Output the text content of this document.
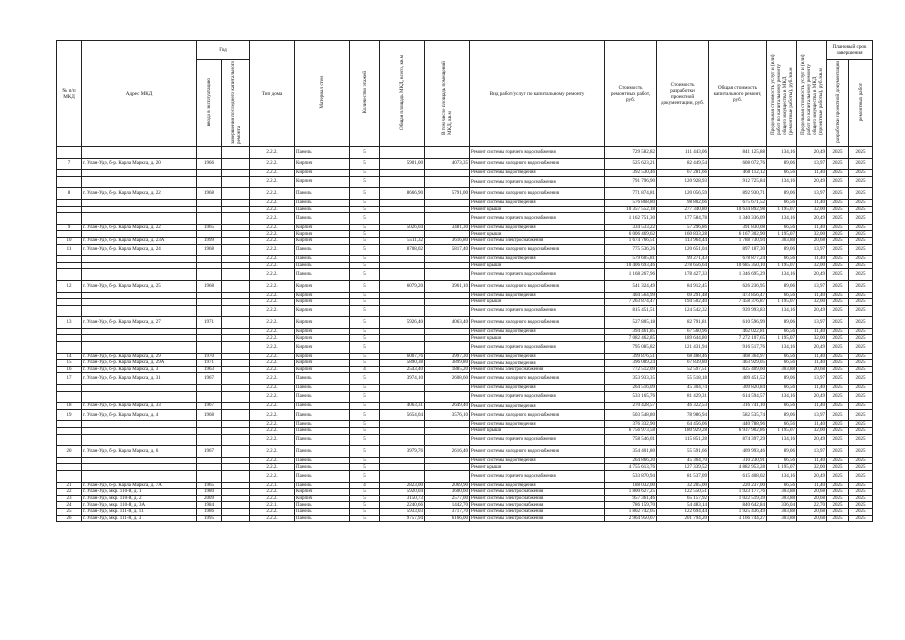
№ п/п МКД	Адрес МКД	Год		Тип дома	Материал стен	Количество этажей	Общая площадь МКД, всего, кв.м	В том числе площадь помещений МКД, кв.м	Вид работ/услуг по капитальному ремонту	Стоимость ремонтных работ, руб.	Стоимость разработки проектной документации, руб.	Общая стоимость капитального ремонт, руб.	Предельная стоимость услуг и (или) работ по капитальному ремонту общего имущества в МКД (ремонтные работы), руб./кв.м	Предельная стоимость услуг и (или) работ по капитальному ремонту общего имущества в МКД (проектные работы), руб./кв.м	Плановый срок завершения	
		ввода в эксплуатацию	завершения последнего капитального ремонта												разработки проектной документации	ремонтных работ
				2.2.2.	Панель	5			Ремонт системы горячего водоснабжения	729 582,82	111 443,06	841 125,88	134,16	20,49	2025	2025
7	г. Улан-Удэ, б-р. Карла Маркса, д. 20	1966		2.2.2.	Кирпич	5	5901,00	4073,35	Ремонт системы холодного водоснабжения	525 623,21	82 449,54	608 072,76	89,06	13,97	2025	2025
				2.2.2.	Кирпич	5			Ремонт системы водоотведения	392 530,46	67 281,66	460 112,12	66,56	11,40	2025	2025
				2.2.2.	Кирпич	5			Ремонт системы горячего водоснабжения	791 796,90	120 928,93	912 725,84	134,16	20,49	2025	2025
8	г. Улан-Удэ, б-р. Карла Маркса, д. 22	1968		2.2.2.	Панель	5	8666,90	5791,00	Ремонт системы холодного водоснабжения	771 874,81	120 056,59	892 930,71	89,06	13,97	2025	2025
				2.2.2.	Панель	5			Ремонт системы водоотведения	576 868,80	98 802,66	675 671,52	66,56	11,40	2025	2025
				2.2.2.	Панель	5			Ремонт крыши	10 357 552,18	277 340,80	10 634 892,98	1 195,07	32,00	2025	2025
				2.2.2.	Панель	5			Ремонт системы горячего водоснабжения	1 162 751,30	177 584,78	1 340 336,09	134,16	20,49	2025	2025
9	г. Улан-Удэ, б-р. Карла Маркса, д. 22	1965		2.2.2.	Кирпич	5	5026,04	3481,30	Ремонт системы водоотведения	334 533,22	57 296,86	391 830,08	66,56	11,40	2025	2025
				2.2.2.	Кирпич	5			Ремонт крыши	6 006 469,62	160 833,28	6 167 302,90	1 195,07	32,00	2025	2025
10	г. Улан-Удэ, б-р. Карла Маркса, д. 23А	1999		2.2.2.	Кирпич	5	5511,32	3616,80	Ремонт системы электроснабжения	1 674 766,51	113 964,44	1 788 730,94	303,88	20,68	2025	2025
11	г. Улан-Удэ, б-р. Карла Маркса, д. 24	1968		2.2.2.	Панель	5	8708,02	5817,40	Ремонт системы холодного водоснабжения	775 536,26	120 651,04	897 187,30	89,06	13,97	2025	2025
				2.2.2.	Панель	5			Ремонт системы водоотведения	579 605,81	99 271,43	678 877,24	66,56	11,40	2025	2025
				2.2.2.	Панель	5			Ремонт крыши	10 406 693,46	278 656,64	10 685 350,10	1 195,07	32,00	2025	2025
				2.2.2.	Панель	5			Ремонт системы горячего водоснабжения	1 168 267,96	178 427,33	1 346 695,29	134,16	20,49	2025	2025
12	г. Улан-Удэ, б-р. Карла Маркса, д. 25	1968		2.2.2.	Кирпич	5	6079,20	3961,10	Ремонт системы холодного водоснабжения	541 324,49	84 912,45	626 236,95	89,06	13,97	2025	2025
				2.2.2.	Кирпич	5			Ремонт системы водоотведения	404 564,99	69 291,48	473 856,47	66,56	11,40	2025	2025
				2.2.2.	Кирпич	5			Ремонт крыши	7 263 874,47	194 502,40	7 458 376,87	1 195,07	32,00	2025	2025
				2.2.2.	Кирпич	5			Ремонт системы горячего водоснабжения	815 451,51	124 542,32	939 993,83	134,16	20,49	2025	2025
13	г. Улан-Удэ, б-р. Карла Маркса, д. 27	1971		2.2.2.	Кирпич	5	5926,40	4063,40	Ремонт системы холодного водоснабжения	527 805,18	82 791,81	610 596,99	89,06	13,97	2025	2025
				2.2.2.	Кирпич	5			Ремонт системы водоотведения	394 461,85	67 560,96	462 022,81	66,56	11,40	2025	2025
				2.2.2.	Кирпич	5			Ремонт крыши	7 082 462,85	189 644,80	7 272 107,65	1 195,07	32,00	2025	2025
				2.2.2.	Кирпич	5			Ремонт системы горячего водоснабжения	795 085,82	121 431,94	916 517,76	134,16	20,49	2025	2025
14	г. Улан-Удэ, б-р. Карла Маркса, д. 29	1970		2.2.2.	Кирпич	5	6007,76	3997,30	Ремонт системы водоотведения	399 876,51	68 488,46	468 364,97	66,56	11,40	2025	2025
15	г. Улан-Удэ, б-р. Карла Маркса, д. 29А	1971		2.2.2.	Кирпич	5	5890,38	3899,80	Ремонт системы водоотведения	396 089,24	67 839,80	463 929,05	66,56	11,40	2025	2025
16	г. Улан-Удэ, б-р. Карла Маркса, д. 3	1963		2.2.2.	Кирпич	4	2543,40	1885,20	Ремонт системы электроснабжения	772 512,09	52 597,51	825 409,60	303,88	20,68	2025	2025
17	г. Улан-Удэ, б-р. Карла Маркса, д. 31	1967		2.2.2.	Панель	5	3974,10	2608,60	Ремонт системы холодного водоснабжения	353 933,35	55 518,18	409 451,52	89,06	13,97	2025	2025
				2.2.2.	Панель	5			Ремонт системы водоотведения	264 516,09	45 304,74	309 820,84	66,56	11,40	2025	2025
				2.2.2.	Панель	5			Ремонт системы горячего водоснабжения	533 165,76	81 429,31	614 594,57	134,16	20,49	2025	2025
18	г. Улан-Удэ, б-р. Карла Маркса, д. 33	1967		2.2.2.	Панель	5	4063,31	2649,40	Ремонт системы водоотведения	270 428,57	46 322,53	316 741,10	66,56	11,40	2025	2025
19	г. Улан-Удэ, б-р. Карла Маркса, д. 4	1968		2.2.2.	Панель	5	5654,04	3576,10	Ремонт системы холодного водоснабжения	503 548,80	78 986,94	582 535,74	89,06	13,97	2025	2025
				2.2.2.	Панель	5			Ремонт системы водоотведения	376 332,90	64 456,06	440 788,96	66,56	11,40	2025	2025
				2.2.2.	Панель	5			Ремонт крыши	6 756 973,58	180 929,28	6 937 902,86	1 195,07	32,00	2025	2025
				2.2.2.	Панель	5			Ремонт системы горячего водоснабжения	758 546,01	115 851,28	874 397,29	134,16	20,49	2025	2025
20	г. Улан-Удэ, б-р. Карла Маркса, д. 6	1967		2.2.2.	Панель	5	3979,76	2616,40	Ремонт системы холодного водоснабжения	354 401,80	55 591,66	409 993,46	89,06	13,97	2025	2025
				2.2.2.	Панель	5			Ремонт системы водоотведения	264 866,20	45 364,70	310 230,91	66,56	11,40	2025	2025
				2.2.2.	Панель	5			Ремонт крыши	4 755 613,76	127 339,52	4 882 953,28	1 195,07	32,00	2025	2025
				2.2.2.	Панель	5			Ремонт системы горячего водоснабжения	533 870,94	81 537,09	615 408,02	134,16	20,49	2025	2025
21	г. Улан-Удэ, б-р. Карла Маркса, д. 7А	1965		2.2.1.	Панель	4	2823,00	2069,90	Ремонт системы водоотведения	188 032,00	32 205,00	220 237,00	66,56	11,40	2025	2025
22	г. Улан-Удэ, мкр. 110-й, д. 1	1980		2.2.2.	Кирпич	5	5920,04	3600,60	Ремонт системы электроснабжения	1 800 627,25	122 550,51	1 923 177,76	303,88	20,68	2025	2025
23	г. Улан-Удэ, мкр. 110-й, д. 2	2009		2.2.2.	Кирпич	5	3150,73	2577,00	Ремонт системы электроснабжения	957 361,46	65 157,92	1 022 519,39	303,88	20,68	2025	2025
24	г. Улан-Удэ, мкр. 110-й, д. 3А	1984		2.2.1.	Панель	5	2240,66	1442,70	Ремонт системы электроснабжения	786 159,70	54 483,14	840 642,84	336,04	22,70	2025	2025
25	г. Улан-Удэ, мкр. 111-й, д. 11	1986		2.2.2.	Панель	5	5933,03	3717,70	Ремонт системы электроснабжения	1 802 742,05	122 694,44	1 925 436,49	303,88	20,68	2025	2025
26	г. Улан-Удэ, мкр. 111-й, д. 3	1995		2.2.2.	Панель	5	9757,94	6166,00	Ремонт системы электроснабжения	2 964 950,07	201 794,20	3 166 744,27	303,88	20,68	2025	2025
